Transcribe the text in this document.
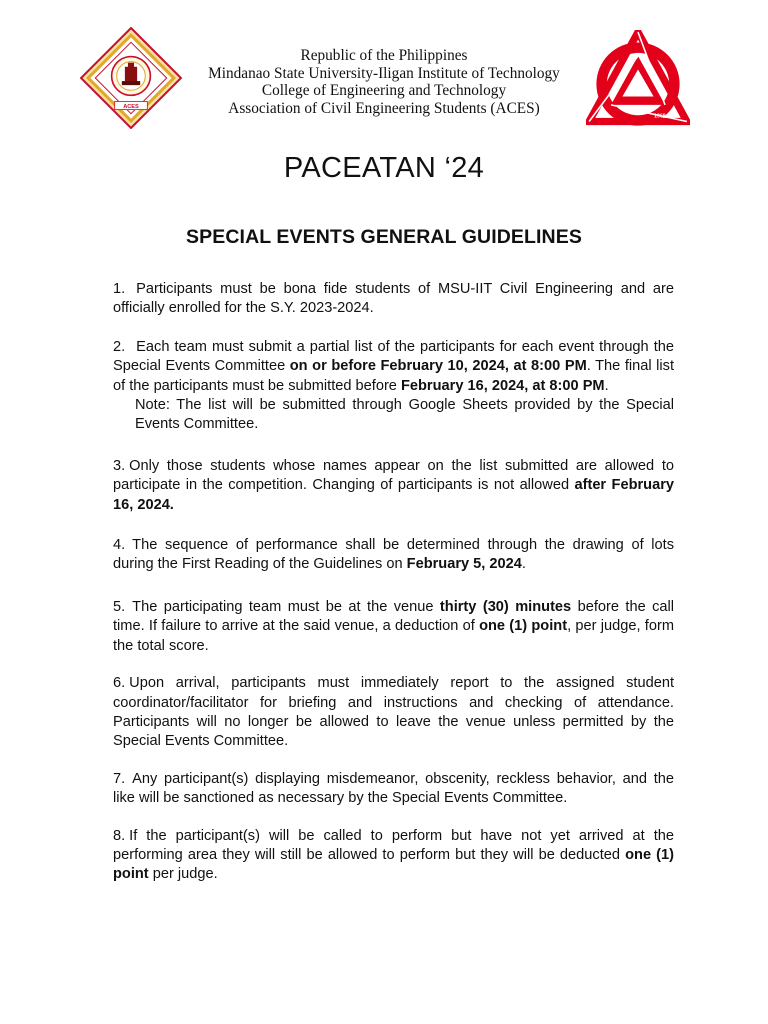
ACES
Republic of the Philippines
Mindanao State University-Iligan Institute of Technology
College of Engineering and Technology
Association of Civil Engineering Students (ACES)	1968
PACEATAN ‘24
SPECIAL EVENTS GENERAL GUIDELINES
1. Participants must be bona fide students of MSU-IIT Civil Engineering and are officially enrolled for the S.Y. 2023-2024.
2. Each team must submit a partial list of the participants for each event through the Special Events Committee on or before February 10, 2024, at 8:00 PM. The final list of the participants must be submitted before February 16, 2024, at 8:00 PM.
Note: The list will be submitted through Google Sheets provided by the Special Events Committee.
3. Only those students whose names appear on the list submitted are allowed to participate in the competition. Changing of participants is not allowed after February 16, 2024.
4. The sequence of performance shall be determined through the drawing of lots during the First Reading of the Guidelines on February 5, 2024.
5. The participating team must be at the venue thirty (30) minutes before the call time. If failure to arrive at the said venue, a deduction of one (1) point, per judge, form the total score.
6. Upon arrival, participants must immediately report to the assigned student coordinator/facilitator for briefing and instructions and checking of attendance. Participants will no longer be allowed to leave the venue unless permitted by the Special Events Committee.
7. Any participant(s) displaying misdemeanor, obscenity, reckless behavior, and the like will be sanctioned as necessary by the Special Events Committee.
8. If the participant(s) will be called to perform but have not yet arrived at the performing area they will still be allowed to perform but they will be deducted one (1) point per judge.
